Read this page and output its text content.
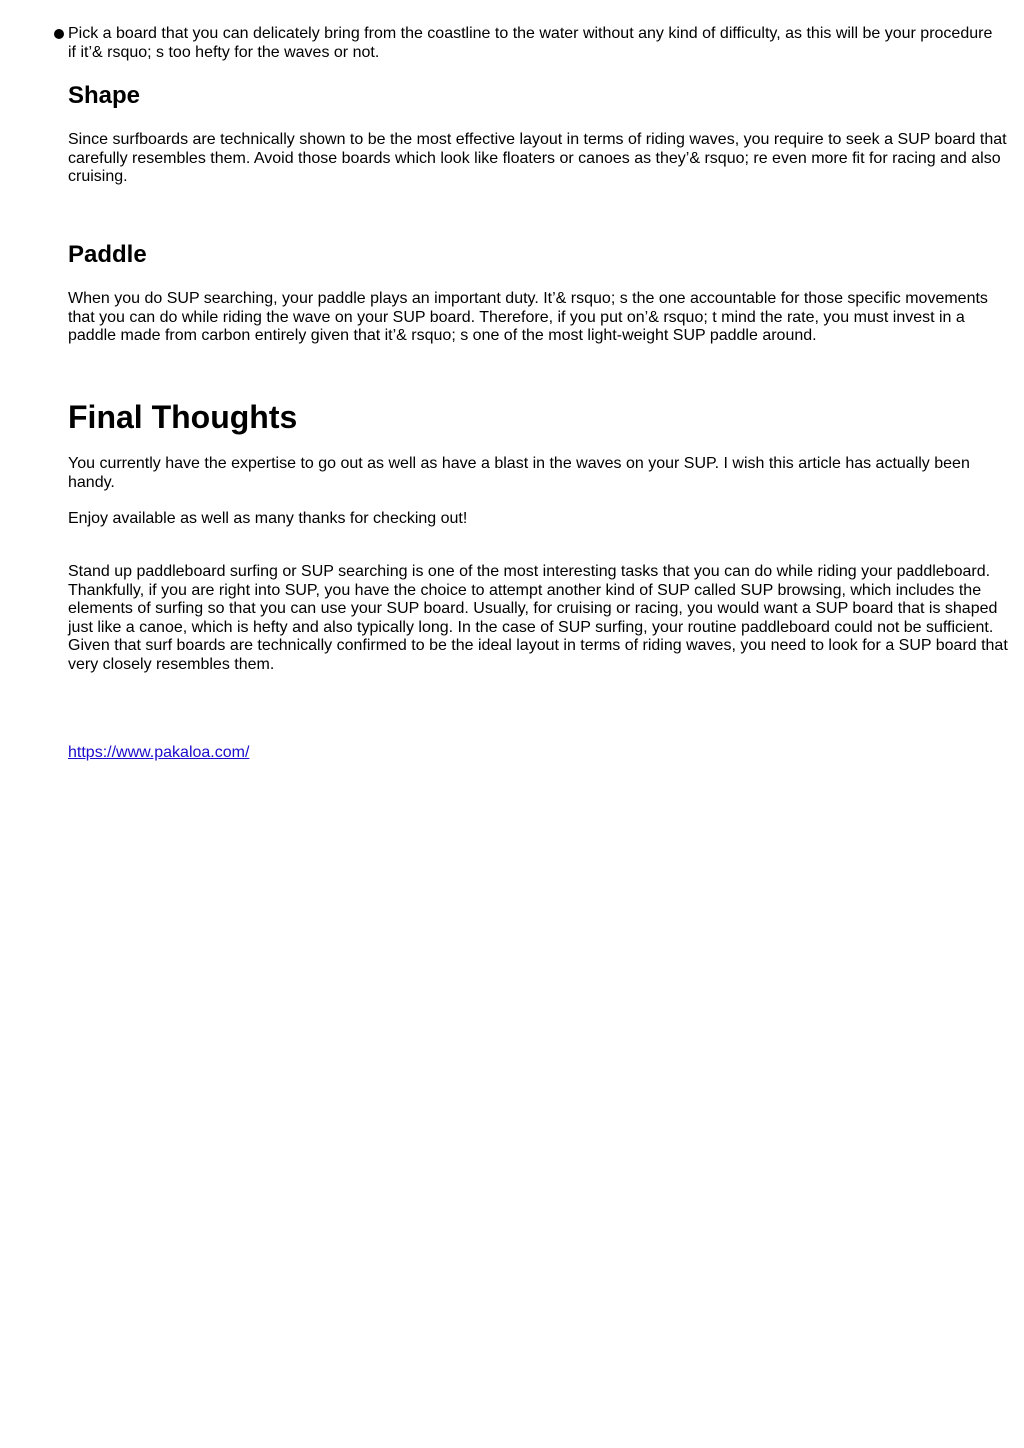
Pick a board that you can delicately bring from the coastline to the water without any kind of difficulty, as this will be your procedure if it’& rsquo; s too hefty for the waves or not.
Shape

Since surfboards are technically shown to be the most effective layout in terms of riding waves, you require to seek a SUP board that carefully resembles them. Avoid those boards which look like floaters or canoes as they’& rsquo; re even more fit for racing and also cruising.

Paddle

When you do SUP searching, your paddle plays an important duty. It’& rsquo; s the one accountable for those specific movements that you can do while riding the wave on your SUP board. Therefore, if you put on’& rsquo; t mind the rate, you must invest in a paddle made from carbon entirely given that it’& rsquo; s one of the most light-weight SUP paddle around.

Final Thoughts

You currently have the expertise to go out as well as have a blast in the waves on your SUP. I wish this article has actually been handy.

Enjoy available as well as many thanks for checking out!

Stand up paddleboard surfing or SUP searching is one of the most interesting tasks that you can do while riding your paddleboard. Thankfully, if you are right into SUP, you have the choice to attempt another kind of SUP called SUP browsing, which includes the elements of surfing so that you can use your SUP board. Usually, for cruising or racing, you would want a SUP board that is shaped just like a canoe, which is hefty and also typically long. In the case of SUP surfing, your routine paddleboard could not be sufficient. Given that surf boards are technically confirmed to be the ideal layout in terms of riding waves, you need to look for a SUP board that very closely resembles them.

https://www.pakaloa.com/
